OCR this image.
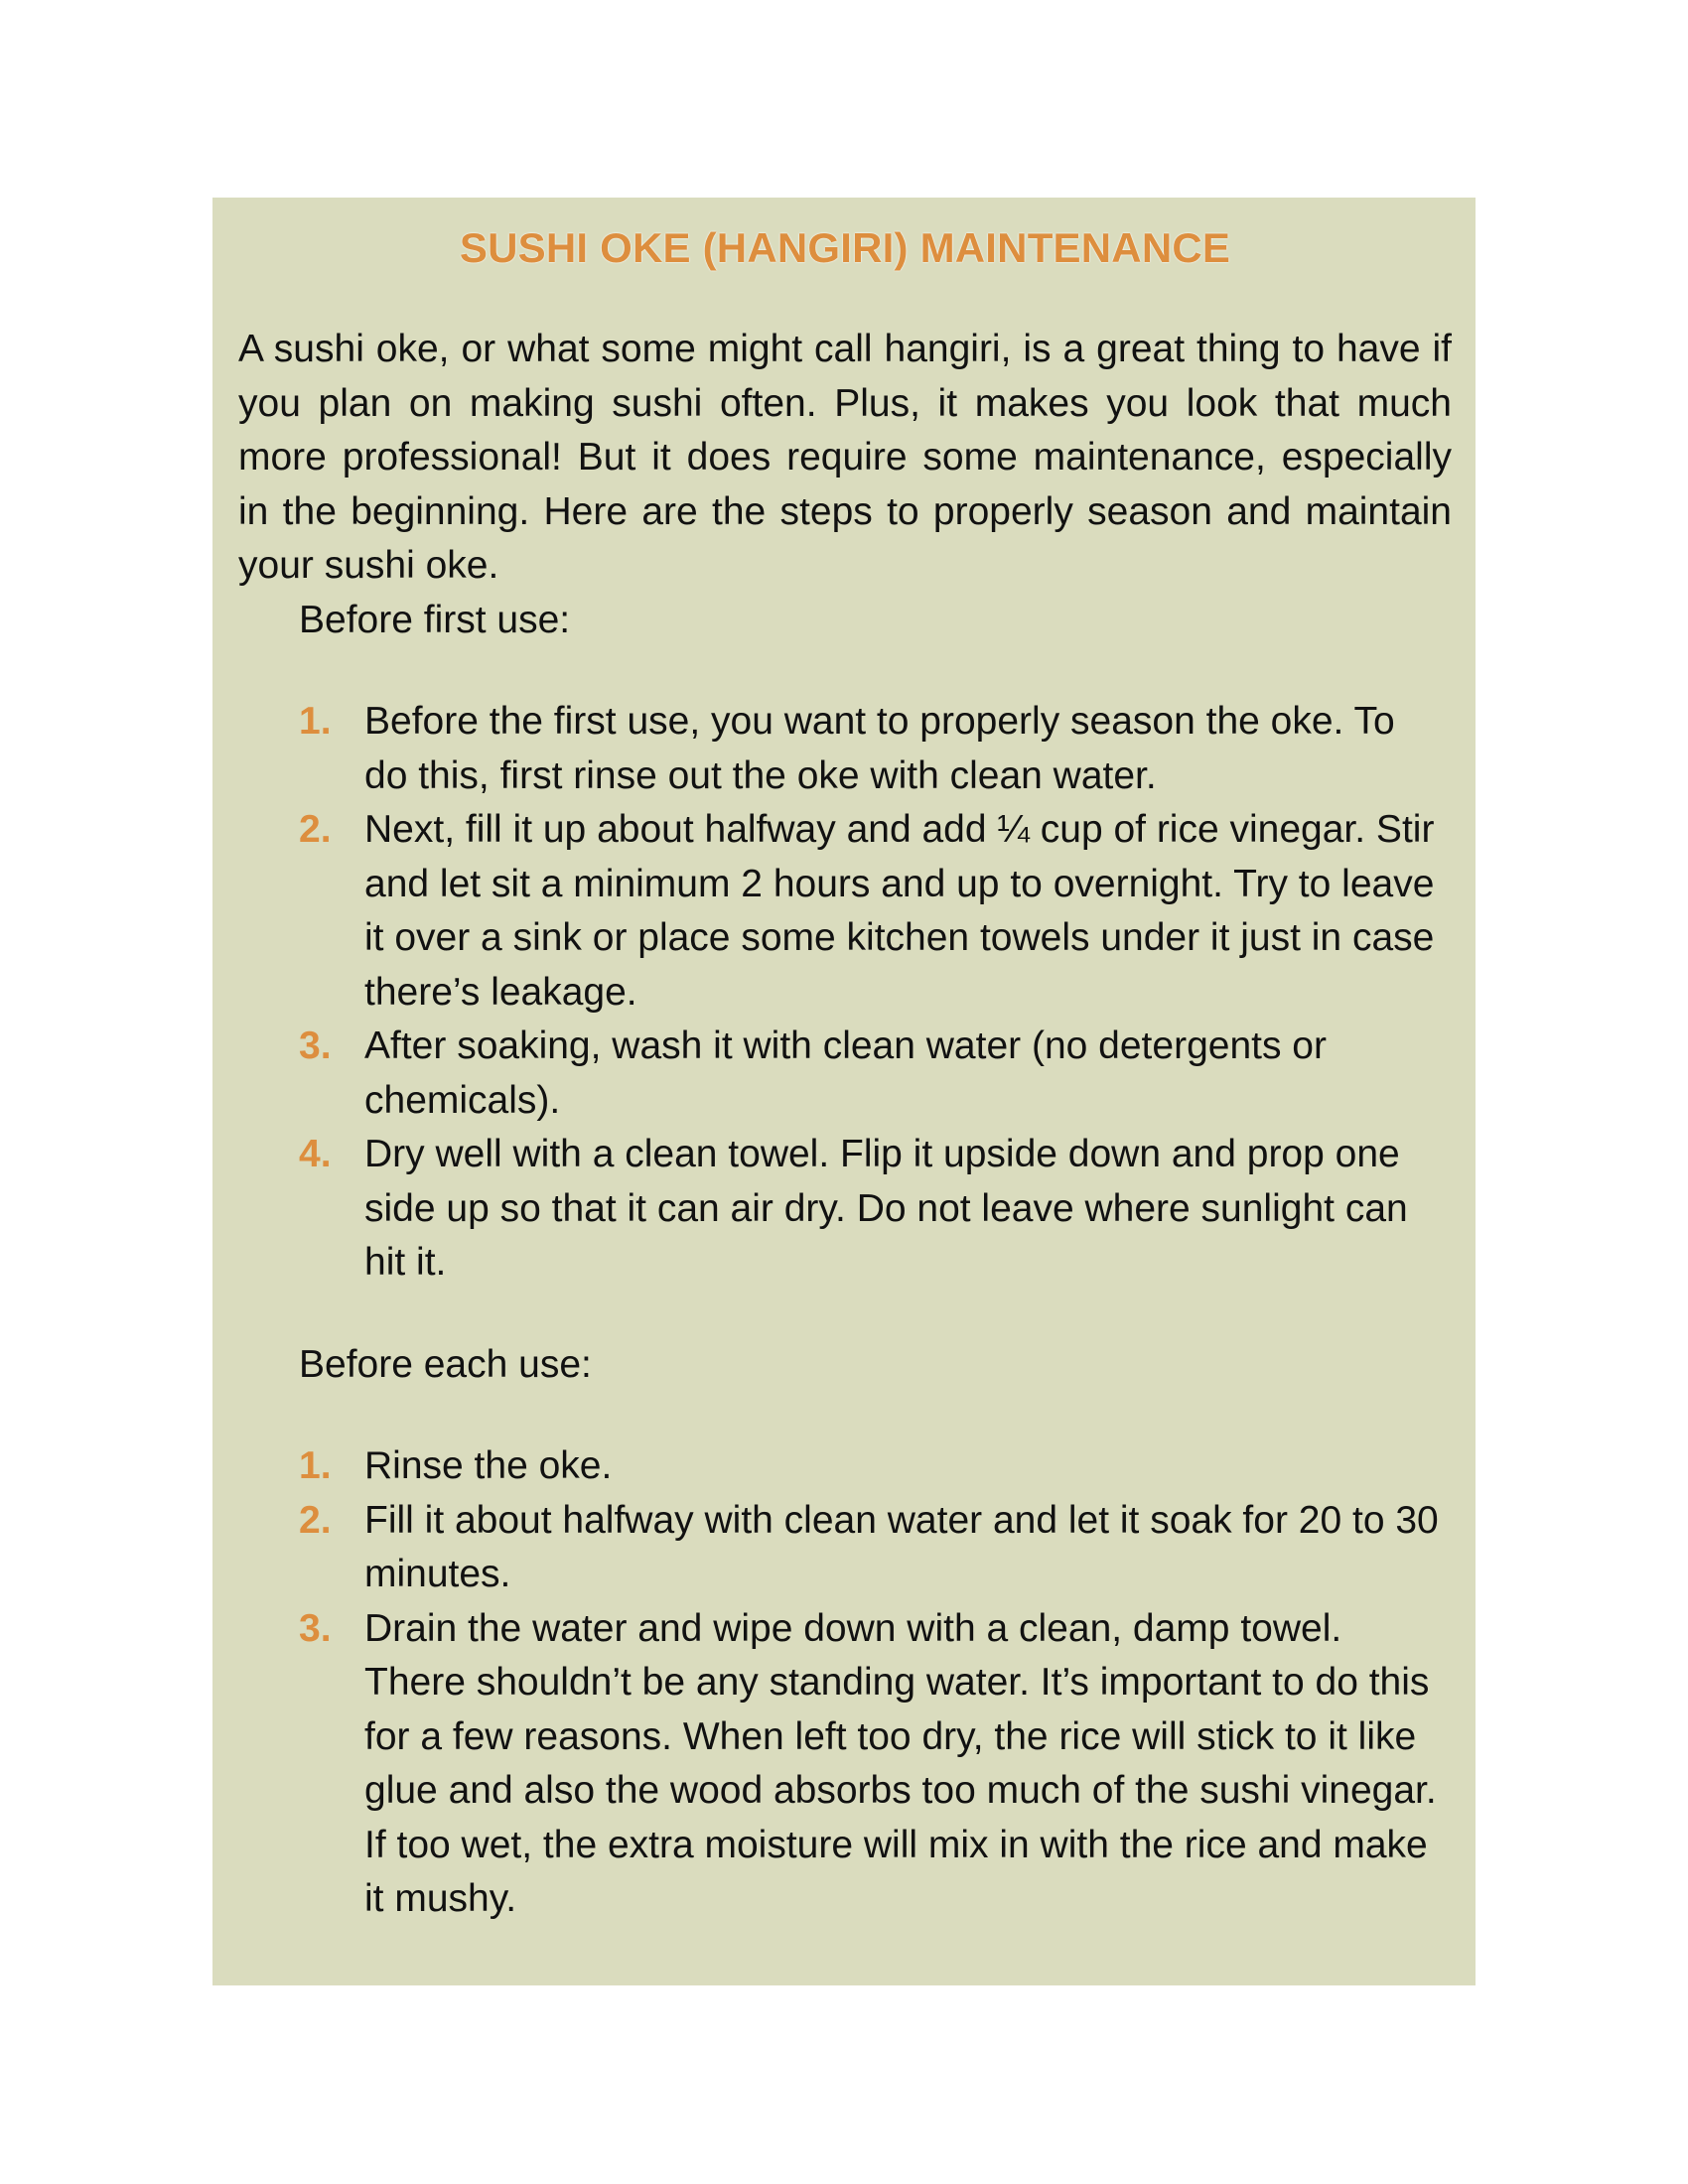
SUSHI OKE (HANGIRI) MAINTENANCE

A sushi oke, or what some might call hangiri, is a great thing to have if you plan on making sushi often. Plus, it makes you look that much more professional! But it does require some maintenance, especially in the beginning. Here are the steps to properly season and maintain your sushi oke.

Before first use:

1. Before the first use, you want to properly season the oke. To do this, first rinse out the oke with clean water.
2. Next, fill it up about halfway and add ¼ cup of rice vinegar. Stir and let sit a minimum 2 hours and up to overnight. Try to leave it over a sink or place some kitchen towels under it just in case there’s leakage.
3. After soaking, wash it with clean water (no detergents or chemicals).
4. Dry well with a clean towel. Flip it upside down and prop one side up so that it can air dry. Do not leave where sunlight can hit it.

Before each use:

1. Rinse the oke.
2. Fill it about halfway with clean water and let it soak for 20 to 30 minutes.
3. Drain the water and wipe down with a clean, damp towel. There shouldn’t be any standing water. It’s important to do this for a few reasons. When left too dry, the rice will stick to it like glue and also the wood absorbs too much of the sushi vinegar. If too wet, the extra moisture will mix in with the rice and make it mushy.
